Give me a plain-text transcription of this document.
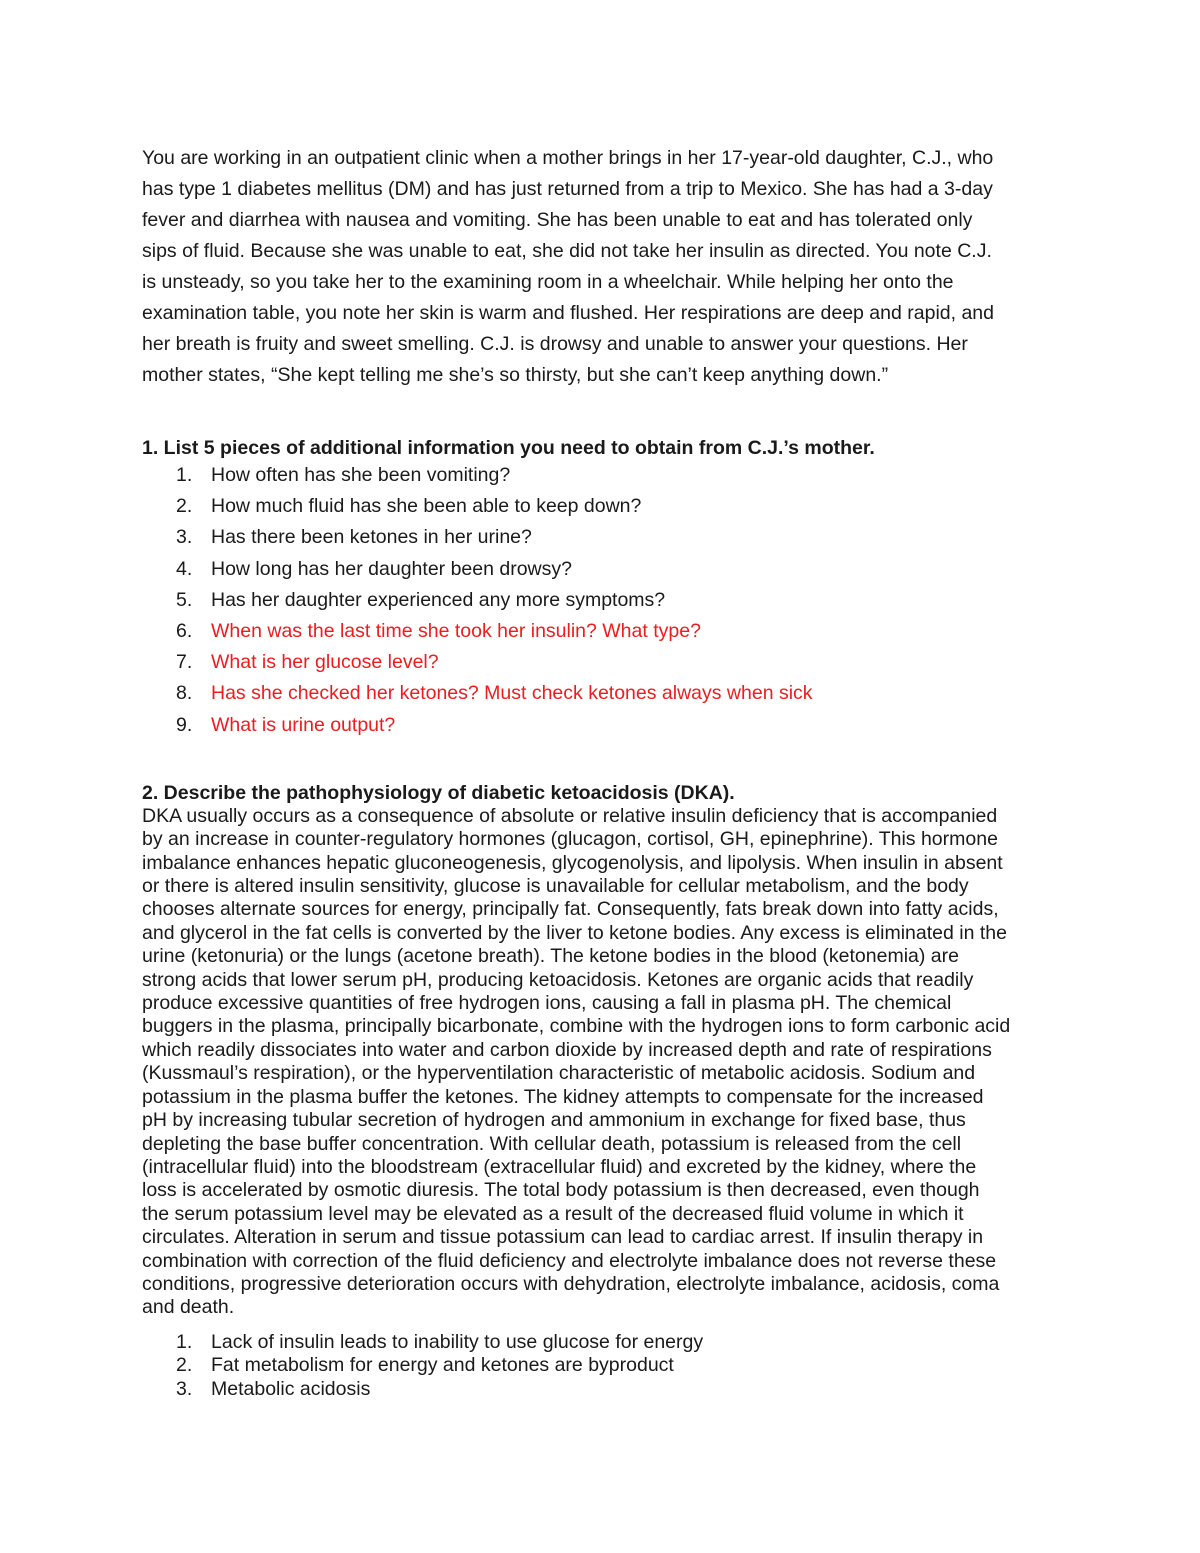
You are working in an outpatient clinic when a mother brings in her 17-year-old daughter, C.J., who

has type 1 diabetes mellitus (DM) and has just returned from a trip to Mexico. She has had a 3-day

fever and diarrhea with nausea and vomiting. She has been unable to eat and has tolerated only

sips of fluid. Because she was unable to eat, she did not take her insulin as directed. You note C.J.

is unsteady, so you take her to the examining room in a wheelchair. While helping her onto the

examination table, you note her skin is warm and flushed. Her respirations are deep and rapid, and

her breath is fruity and sweet smelling. C.J. is drowsy and unable to answer your questions. Her

mother states, “She kept telling me she’s so thirsty, but she can’t keep anything down.”

1. List 5 pieces of additional information you need to obtain from C.J.’s mother.

1. How often has she been vomiting?
2. How much fluid has she been able to keep down?
3. Has there been ketones in her urine?
4. How long has her daughter been drowsy?
5. Has her daughter experienced any more symptoms?
6. When was the last time she took her insulin? What type?
7. What is her glucose level?
8. Has she checked her ketones? Must check ketones always when sick
9. What is urine output?

2. Describe the pathophysiology of diabetic ketoacidosis (DKA).

DKA usually occurs as a consequence of absolute or relative insulin deficiency that is accompanied

by an increase in counter-regulatory hormones (glucagon, cortisol, GH, epinephrine). This hormone

imbalance enhances hepatic gluconeogenesis, glycogenolysis, and lipolysis. When insulin in absent

or there is altered insulin sensitivity, glucose is unavailable for cellular metabolism, and the body

chooses alternate sources for energy, principally fat. Consequently, fats break down into fatty acids,

and glycerol in the fat cells is converted by the liver to ketone bodies. Any excess is eliminated in the

urine (ketonuria) or the lungs (acetone breath). The ketone bodies in the blood (ketonemia) are

strong acids that lower serum pH, producing ketoacidosis. Ketones are organic acids that readily

produce excessive quantities of free hydrogen ions, causing a fall in plasma pH. The chemical

buggers in the plasma, principally bicarbonate, combine with the hydrogen ions to form carbonic acid

which readily dissociates into water and carbon dioxide by increased depth and rate of respirations

(Kussmaul’s respiration), or the hyperventilation characteristic of metabolic acidosis. Sodium and

potassium in the plasma buffer the ketones. The kidney attempts to compensate for the increased

pH by increasing tubular secretion of hydrogen and ammonium in exchange for fixed base, thus

depleting the base buffer concentration. With cellular death, potassium is released from the cell

(intracellular fluid) into the bloodstream (extracellular fluid) and excreted by the kidney, where the

loss is accelerated by osmotic diuresis. The total body potassium is then decreased, even though

the serum potassium level may be elevated as a result of the decreased fluid volume in which it

circulates. Alteration in serum and tissue potassium can lead to cardiac arrest. If insulin therapy in

combination with correction of the fluid deficiency and electrolyte imbalance does not reverse these

conditions, progressive deterioration occurs with dehydration, electrolyte imbalance, acidosis, coma

and death.

1. Lack of insulin leads to inability to use glucose for energy
2. Fat metabolism for energy and ketones are byproduct
3. Metabolic acidosis
